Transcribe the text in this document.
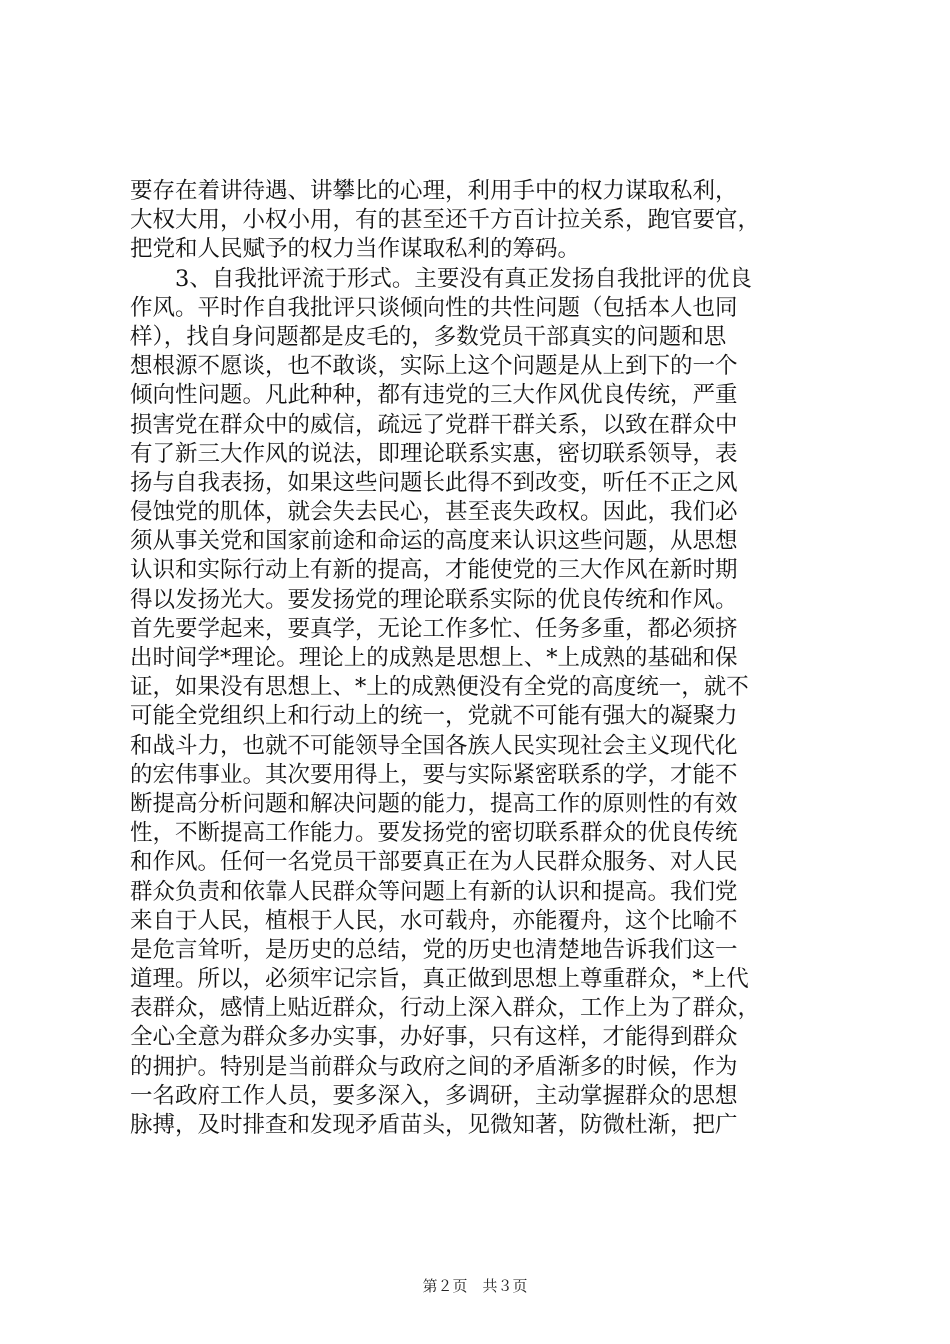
要存在着讲待遇、讲攀比的心理，利用手中的权力谋取私利，
大权大用，小权小用，有的甚至还千方百计拉关系，跑官要官，
把党和人民赋予的权力当作谋取私利的筹码。
　　3、自我批评流于形式。主要没有真正发扬自我批评的优良
作风。平时作自我批评只谈倾向性的共性问题（包括本人也同
样），找自身问题都是皮毛的，多数党员干部真实的问题和思
想根源不愿谈，也不敢谈，实际上这个问题是从上到下的一个
倾向性问题。凡此种种，都有违党的三大作风优良传统，严重
损害党在群众中的威信，疏远了党群干群关系，以致在群众中
有了新三大作风的说法，即理论联系实惠，密切联系领导，表
扬与自我表扬，如果这些问题长此得不到改变，听任不正之风
侵蚀党的肌体，就会失去民心，甚至丧失政权。因此，我们必
须从事关党和国家前途和命运的高度来认识这些问题，从思想
认识和实际行动上有新的提高，才能使党的三大作风在新时期
得以发扬光大。要发扬党的理论联系实际的优良传统和作风。
首先要学起来，要真学，无论工作多忙、任务多重，都必须挤
出时间学*理论。理论上的成熟是思想上、*上成熟的基础和保
证，如果没有思想上、*上的成熟便没有全党的高度统一，就不
可能全党组织上和行动上的统一，党就不可能有强大的凝聚力
和战斗力，也就不可能领导全国各族人民实现社会主义现代化
的宏伟事业。其次要用得上，要与实际紧密联系的学，才能不
断提高分析问题和解决问题的能力，提高工作的原则性的有效
性，不断提高工作能力。要发扬党的密切联系群众的优良传统
和作风。任何一名党员干部要真正在为人民群众服务、对人民
群众负责和依靠人民群众等问题上有新的认识和提高。我们党
来自于人民，植根于人民，水可载舟，亦能覆舟，这个比喻不
是危言耸听，是历史的总结，党的历史也清楚地告诉我们这一
道理。所以，必须牢记宗旨，真正做到思想上尊重群众，*上代
表群众，感情上贴近群众，行动上深入群众，工作上为了群众，
全心全意为群众多办实事，办好事，只有这样，才能得到群众
的拥护。特别是当前群众与政府之间的矛盾渐多的时候，作为
一名政府工作人员，要多深入，多调研，主动掌握群众的思想
脉搏，及时排查和发现矛盾苗头，见微知著，防微杜渐，把广
第２页　共３页
